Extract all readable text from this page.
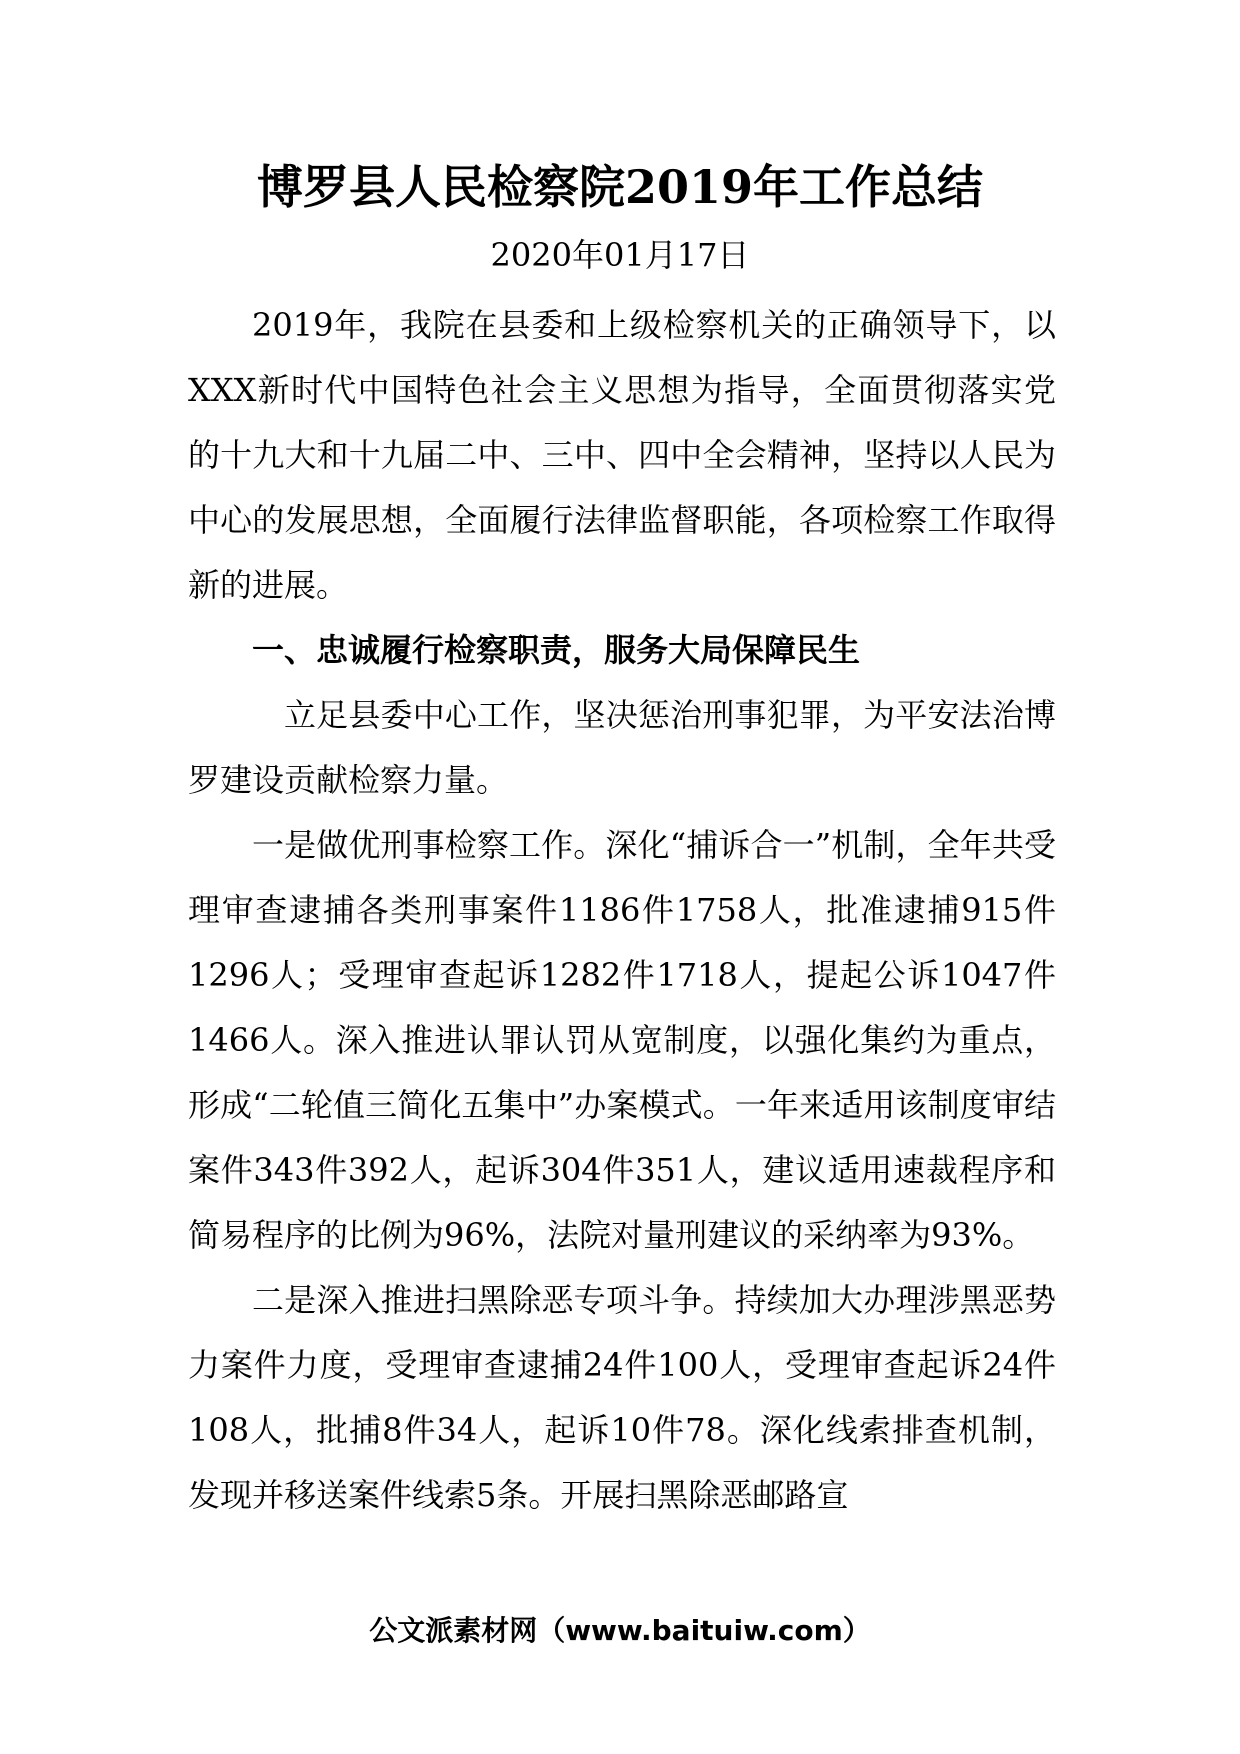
博罗县人民检察院2019年工作总结
2020年01月17日

2019年，我院在县委和上级检察机关的正确领导下，以XXX新时代中国特色社会主义思想为指导，全面贯彻落实党的十九大和十九届二中、三中、四中全会精神，坚持以人民为中心的发展思想，全面履行法律监督职能，各项检察工作取得新的进展。

一、忠诚履行检察职责，服务大局保障民生

立足县委中心工作，坚决惩治刑事犯罪，为平安法治博罗建设贡献检察力量。

一是做优刑事检察工作。深化“捕诉合一”机制，全年共受理审查逮捕各类刑事案件1186件1758人，批准逮捕915件1296人；受理审查起诉1282件1718人，提起公诉1047件1466人。深入推进认罪认罚从宽制度，以强化集约为重点，形成“二轮值三简化五集中”办案模式。一年来适用该制度审结案件343件392人，起诉304件351人，建议适用速裁程序和简易程序的比例为96%，法院对量刑建议的采纳率为93%。

二是深入推进扫黑除恶专项斗争。持续加大办理涉黑恶势力案件力度，受理审查逮捕24件100人，受理审查起诉24件108人，批捕8件34人，起诉10件78。深化线索排查机制，发现并移送案件线索5条。开展扫黑除恶邮路宣

公文派素材网（www.baituiw.com）
